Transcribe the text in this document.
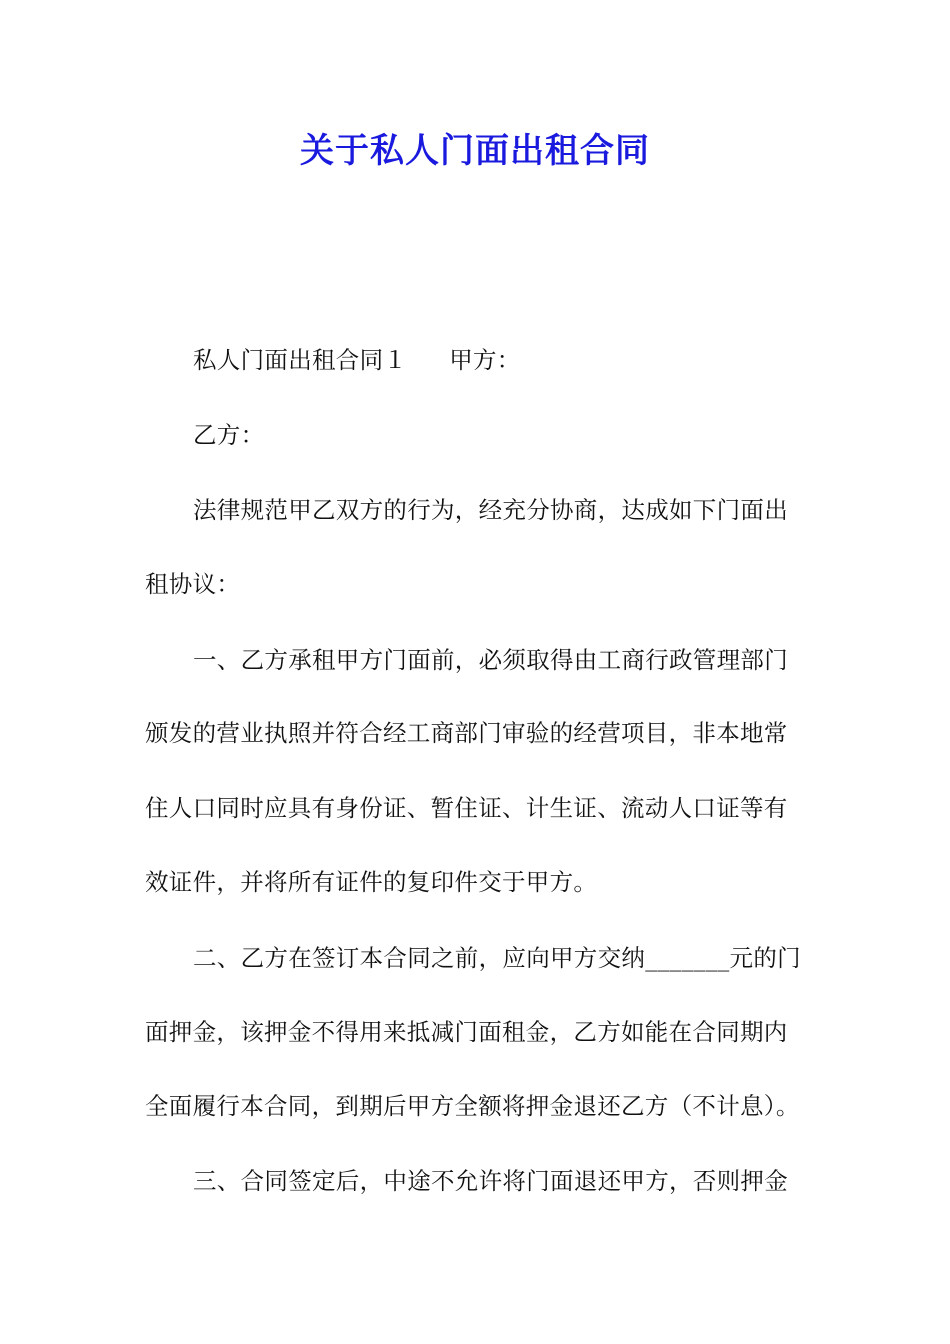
关于私人门面出租合同
私人门面出租合同１ 甲方：
乙方：
法律规范甲乙双方的行为，经充分协商，达成如下门面出
租协议：
一、乙方承租甲方门面前，必须取得由工商行政管理部门
颁发的营业执照并符合经工商部门审验的经营项目，非本地常
住人口同时应具有身份证、暂住证、计生证、流动人口证等有
效证件，并将所有证件的复印件交于甲方。
二、乙方在签订本合同之前，应向甲方交纳_______元的门
面押金，该押金不得用来抵减门面租金，乙方如能在合同期内
全面履行本合同，到期后甲方全额将押金退还乙方（不计息）。
三、合同签定后，中途不允许将门面退还甲方，否则押金
